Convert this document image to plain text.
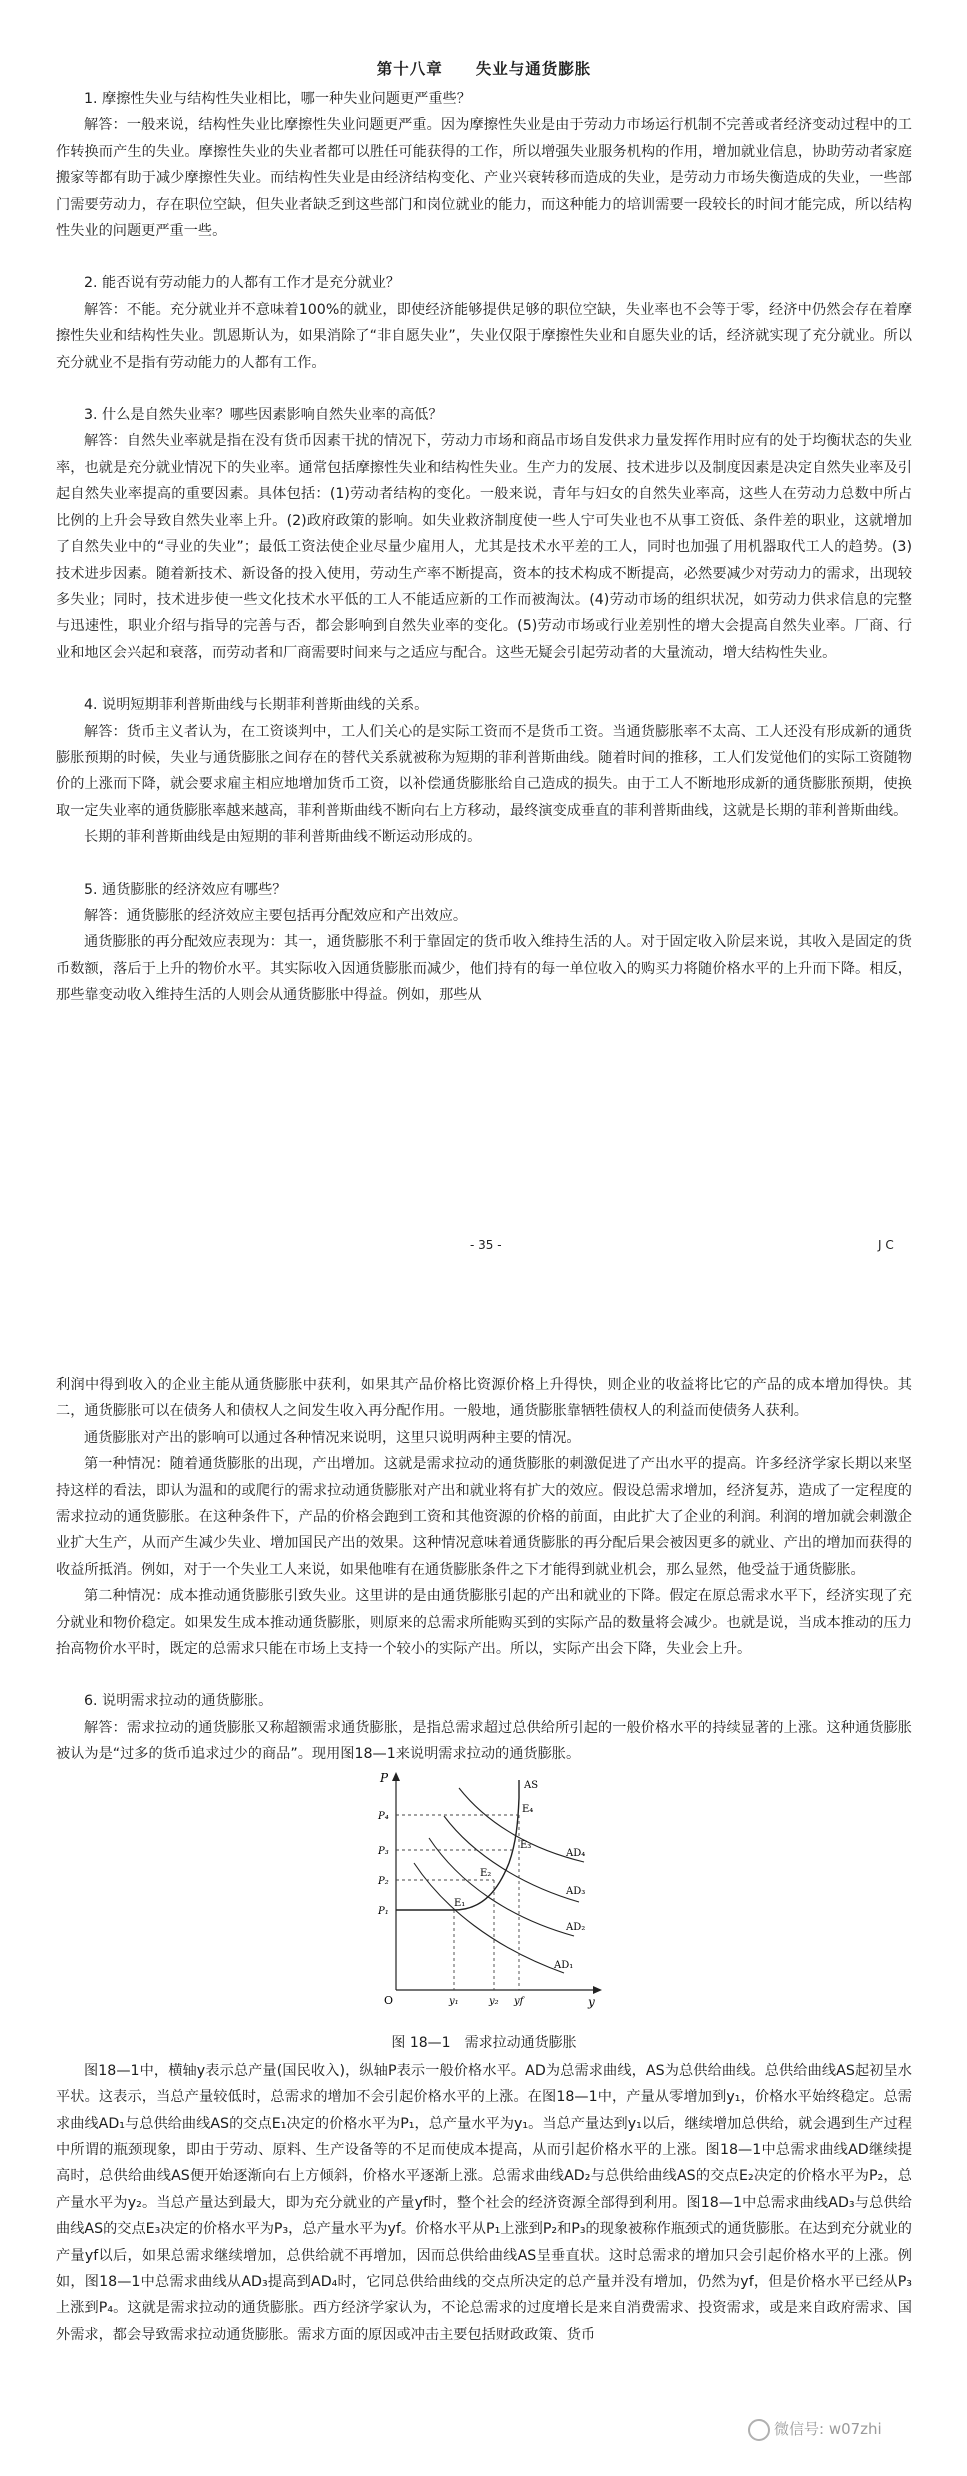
第十八章　　失业与通货膨胀
1. 摩擦性失业与结构性失业相比，哪一种失业问题更严重些？

解答：一般来说，结构性失业比摩擦性失业问题更严重。因为摩擦性失业是由于劳动力市场运行机制不完善或者经济变动过程中的工作转换而产生的失业。摩擦性失业的失业者都可以胜任可能获得的工作，所以增强失业服务机构的作用，增加就业信息，协助劳动者家庭搬家等都有助于减少摩擦性失业。而结构性失业是由经济结构变化、产业兴衰转移而造成的失业，是劳动力市场失衡造成的失业，一些部门需要劳动力，存在职位空缺，但失业者缺乏到这些部门和岗位就业的能力，而这种能力的培训需要一段较长的时间才能完成，所以结构性失业的问题更严重一些。

2. 能否说有劳动能力的人都有工作才是充分就业？

解答：不能。充分就业并不意味着100%的就业，即使经济能够提供足够的职位空缺，失业率也不会等于零，经济中仍然会存在着摩擦性失业和结构性失业。凯恩斯认为，如果消除了“非自愿失业”，失业仅限于摩擦性失业和自愿失业的话，经济就实现了充分就业。所以充分就业不是指有劳动能力的人都有工作。

3. 什么是自然失业率？哪些因素影响自然失业率的高低？

解答：自然失业率就是指在没有货币因素干扰的情况下，劳动力市场和商品市场自发供求力量发挥作用时应有的处于均衡状态的失业率，也就是充分就业情况下的失业率。通常包括摩擦性失业和结构性失业。生产力的发展、技术进步以及制度因素是决定自然失业率及引起自然失业率提高的重要因素。具体包括：(1)劳动者结构的变化。一般来说，青年与妇女的自然失业率高，这些人在劳动力总数中所占比例的上升会导致自然失业率上升。(2)政府政策的影响。如失业救济制度使一些人宁可失业也不从事工资低、条件差的职业，这就增加了自然失业中的“寻业的失业”；最低工资法使企业尽量少雇用人，尤其是技术水平差的工人，同时也加强了用机器取代工人的趋势。(3)技术进步因素。随着新技术、新设备的投入使用，劳动生产率不断提高，资本的技术构成不断提高，必然要减少对劳动力的需求，出现较多失业；同时，技术进步使一些文化技术水平低的工人不能适应新的工作而被淘汰。(4)劳动市场的组织状况，如劳动力供求信息的完整与迅速性，职业介绍与指导的完善与否，都会影响到自然失业率的变化。(5)劳动市场或行业差别性的增大会提高自然失业率。厂商、行业和地区会兴起和衰落，而劳动者和厂商需要时间来与之适应与配合。这些无疑会引起劳动者的大量流动，增大结构性失业。

4. 说明短期菲利普斯曲线与长期菲利普斯曲线的关系。

解答：货币主义者认为，在工资谈判中，工人们关心的是实际工资而不是货币工资。当通货膨胀率不太高、工人还没有形成新的通货膨胀预期的时候，失业与通货膨胀之间存在的替代关系就被称为短期的菲利普斯曲线。随着时间的推移，工人们发觉他们的实际工资随物价的上涨而下降，就会要求雇主相应地增加货币工资，以补偿通货膨胀给自己造成的损失。由于工人不断地形成新的通货膨胀预期，使换取一定失业率的通货膨胀率越来越高，菲利普斯曲线不断向右上方移动，最终演变成垂直的菲利普斯曲线，这就是长期的菲利普斯曲线。

长期的菲利普斯曲线是由短期的菲利普斯曲线不断运动形成的。

5. 通货膨胀的经济效应有哪些？

解答：通货膨胀的经济效应主要包括再分配效应和产出效应。

通货膨胀的再分配效应表现为：其一，通货膨胀不利于靠固定的货币收入维持生活的人。对于固定收入阶层来说，其收入是固定的货币数额，落后于上升的物价水平。其实际收入因通货膨胀而减少，他们持有的每一单位收入的购买力将随价格水平的上升而下降。相反，那些靠变动收入维持生活的人则会从通货膨胀中得益。例如，那些从

- 35 -	J C

利润中得到收入的企业主能从通货膨胀中获利，如果其产品价格比资源价格上升得快，则企业的收益将比它的产品的成本增加得快。其二，通货膨胀可以在债务人和债权人之间发生收入再分配作用。一般地，通货膨胀靠牺牲债权人的利益而使债务人获利。

通货膨胀对产出的影响可以通过各种情况来说明，这里只说明两种主要的情况。

第一种情况：随着通货膨胀的出现，产出增加。这就是需求拉动的通货膨胀的刺激促进了产出水平的提高。许多经济学家长期以来坚持这样的看法，即认为温和的或爬行的需求拉动通货膨胀对产出和就业将有扩大的效应。假设总需求增加，经济复苏，造成了一定程度的需求拉动的通货膨胀。在这种条件下，产品的价格会跑到工资和其他资源的价格的前面，由此扩大了企业的利润。利润的增加就会刺激企业扩大生产，从而产生减少失业、增加国民产出的效果。这种情况意味着通货膨胀的再分配后果会被因更多的就业、产出的增加而获得的收益所抵消。例如，对于一个失业工人来说，如果他唯有在通货膨胀条件之下才能得到就业机会，那么显然，他受益于通货膨胀。

第二种情况：成本推动通货膨胀引致失业。这里讲的是由通货膨胀引起的产出和就业的下降。假定在原总需求水平下，经济实现了充分就业和物价稳定。如果发生成本推动通货膨胀，则原来的总需求所能购买到的实际产品的数量将会减少。也就是说，当成本推动的压力抬高物价水平时，既定的总需求只能在市场上支持一个较小的实际产出。所以，实际产出会下降，失业会上升。

6. 说明需求拉动的通货膨胀。

解答：需求拉动的通货膨胀又称超额需求通货膨胀，是指总需求超过总供给所引起的一般价格水平的持续显著的上涨。这种通货膨胀被认为是“过多的货币追求过少的商品”。现用图18—1来说明需求拉动的通货膨胀。

P
y
O
AS
AD₄
AD₃
AD₂
AD₁
P₄
P₃
P₂
P₁
y₁	y₂ yf
E₄
E₃
E₂
E₁
图 18—1　需求拉动通货膨胀

图18—1中，横轴y表示总产量(国民收入)，纵轴P表示一般价格水平。AD为总需求曲线，AS为总供给曲线。总供给曲线AS起初呈水平状。这表示，当总产量较低时，总需求的增加不会引起价格水平的上涨。在图18—1中，产量从零增加到y₁，价格水平始终稳定。总需求曲线AD₁与总供给曲线AS的交点E₁决定的价格水平为P₁，总产量水平为y₁。当总产量达到y₁以后，继续增加总供给，就会遇到生产过程中所谓的瓶颈现象，即由于劳动、原料、生产设备等的不足而使成本提高，从而引起价格水平的上涨。图18—1中总需求曲线AD继续提高时，总供给曲线AS便开始逐渐向右上方倾斜，价格水平逐渐上涨。总需求曲线AD₂与总供给曲线AS的交点E₂决定的价格水平为P₂，总产量水平为y₂。当总产量达到最大，即为充分就业的产量yf时，整个社会的经济资源全部得到利用。图18—1中总需求曲线AD₃与总供给曲线AS的交点E₃决定的价格水平为P₃，总产量水平为yf。价格水平从P₁上涨到P₂和P₃的现象被称作瓶颈式的通货膨胀。在达到充分就业的产量yf以后，如果总需求继续增加，总供给就不再增加，因而总供给曲线AS呈垂直状。这时总需求的增加只会引起价格水平的上涨。例如，图18—1中总需求曲线从AD₃提高到AD₄时，它同总供给曲线的交点所决定的总产量并没有增加，仍然为yf，但是价格水平已经从P₃上涨到P₄。这就是需求拉动的通货膨胀。西方经济学家认为，不论总需求的过度增长是来自消费需求、投资需求，或是来自政府需求、国外需求，都会导致需求拉动通货膨胀。需求方面的原因或冲击主要包括财政政策、货币

微信号: w07zhi
